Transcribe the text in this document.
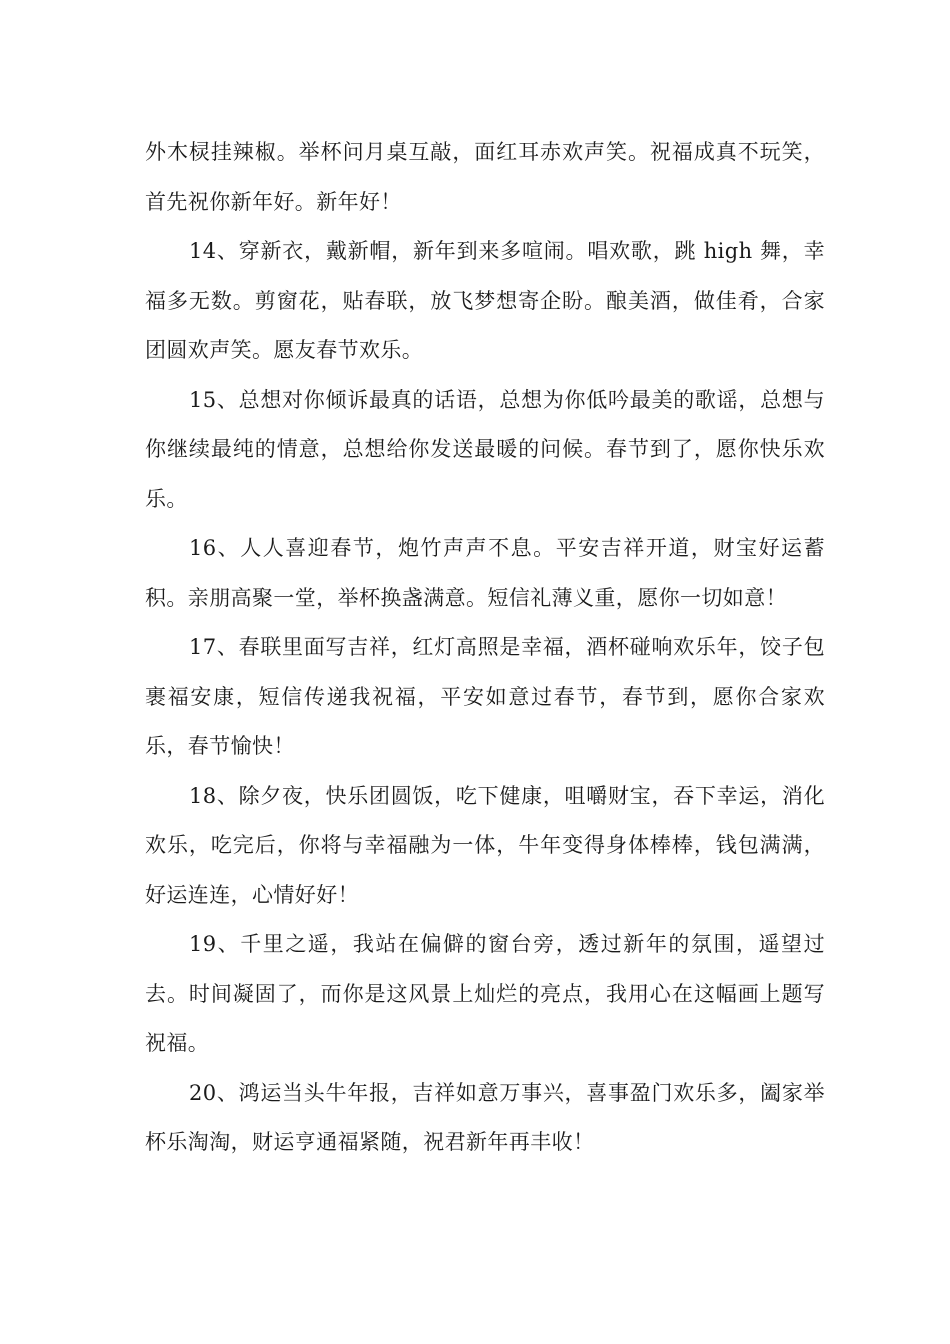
外木棂挂辣椒。举杯问月桌互敲，面红耳赤欢声笑。祝福成真不玩笑，首先祝你新年好。新年好！

14、穿新衣，戴新帽，新年到来多喧闹。唱欢歌，跳 high 舞，幸福多无数。剪窗花，贴春联，放飞梦想寄企盼。酿美酒，做佳肴，合家团圆欢声笑。愿友春节欢乐。

15、总想对你倾诉最真的话语，总想为你低吟最美的歌谣，总想与你继续最纯的情意，总想给你发送最暖的问候。春节到了，愿你快乐欢乐。

16、人人喜迎春节，炮竹声声不息。平安吉祥开道，财宝好运蓄积。亲朋高聚一堂，举杯换盏满意。短信礼薄义重，愿你一切如意！

17、春联里面写吉祥，红灯高照是幸福，酒杯碰响欢乐年，饺子包裹福安康，短信传递我祝福，平安如意过春节，春节到，愿你合家欢乐，春节愉快！

18、除夕夜，快乐团圆饭，吃下健康，咀嚼财宝，吞下幸运，消化欢乐，吃完后，你将与幸福融为一体，牛年变得身体棒棒，钱包满满，好运连连，心情好好！

19、千里之遥，我站在偏僻的窗台旁，透过新年的氛围，遥望过去。时间凝固了，而你是这风景上灿烂的亮点，我用心在这幅画上题写祝福。

20、鸿运当头牛年报，吉祥如意万事兴，喜事盈门欢乐多，阖家举杯乐淘淘，财运亨通福紧随，祝君新年再丰收！
